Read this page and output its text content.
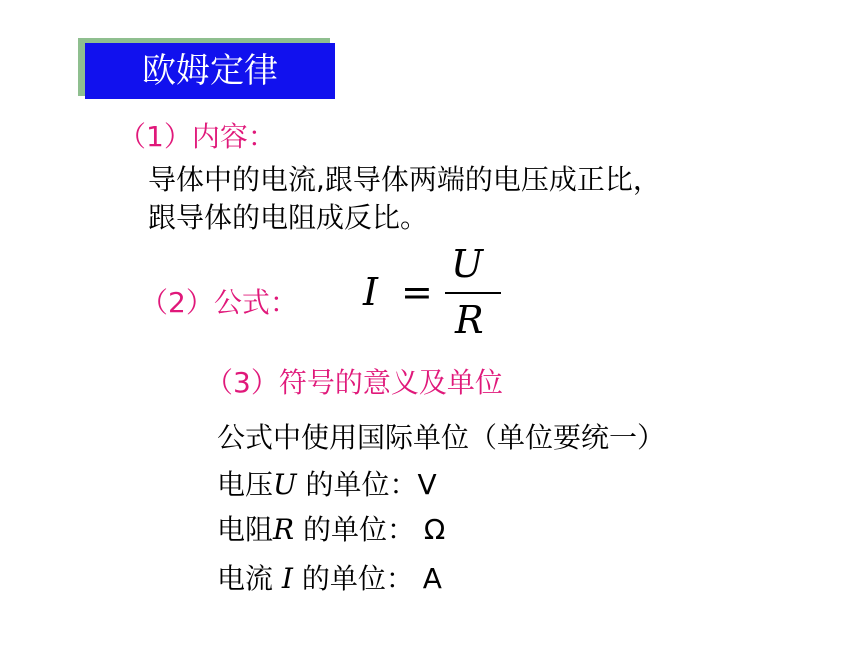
欧姆定律
（1）内容：
导体中的电流,跟导体两端的电压成正比，
跟导体的电阻成反比。
（2）公式： I =
U
R
（3）符号的意义及单位
公式中使用国际单位（单位要统一）
电压U 的单位：V
电阻R 的单位： Ω
电流 I 的单位： A
